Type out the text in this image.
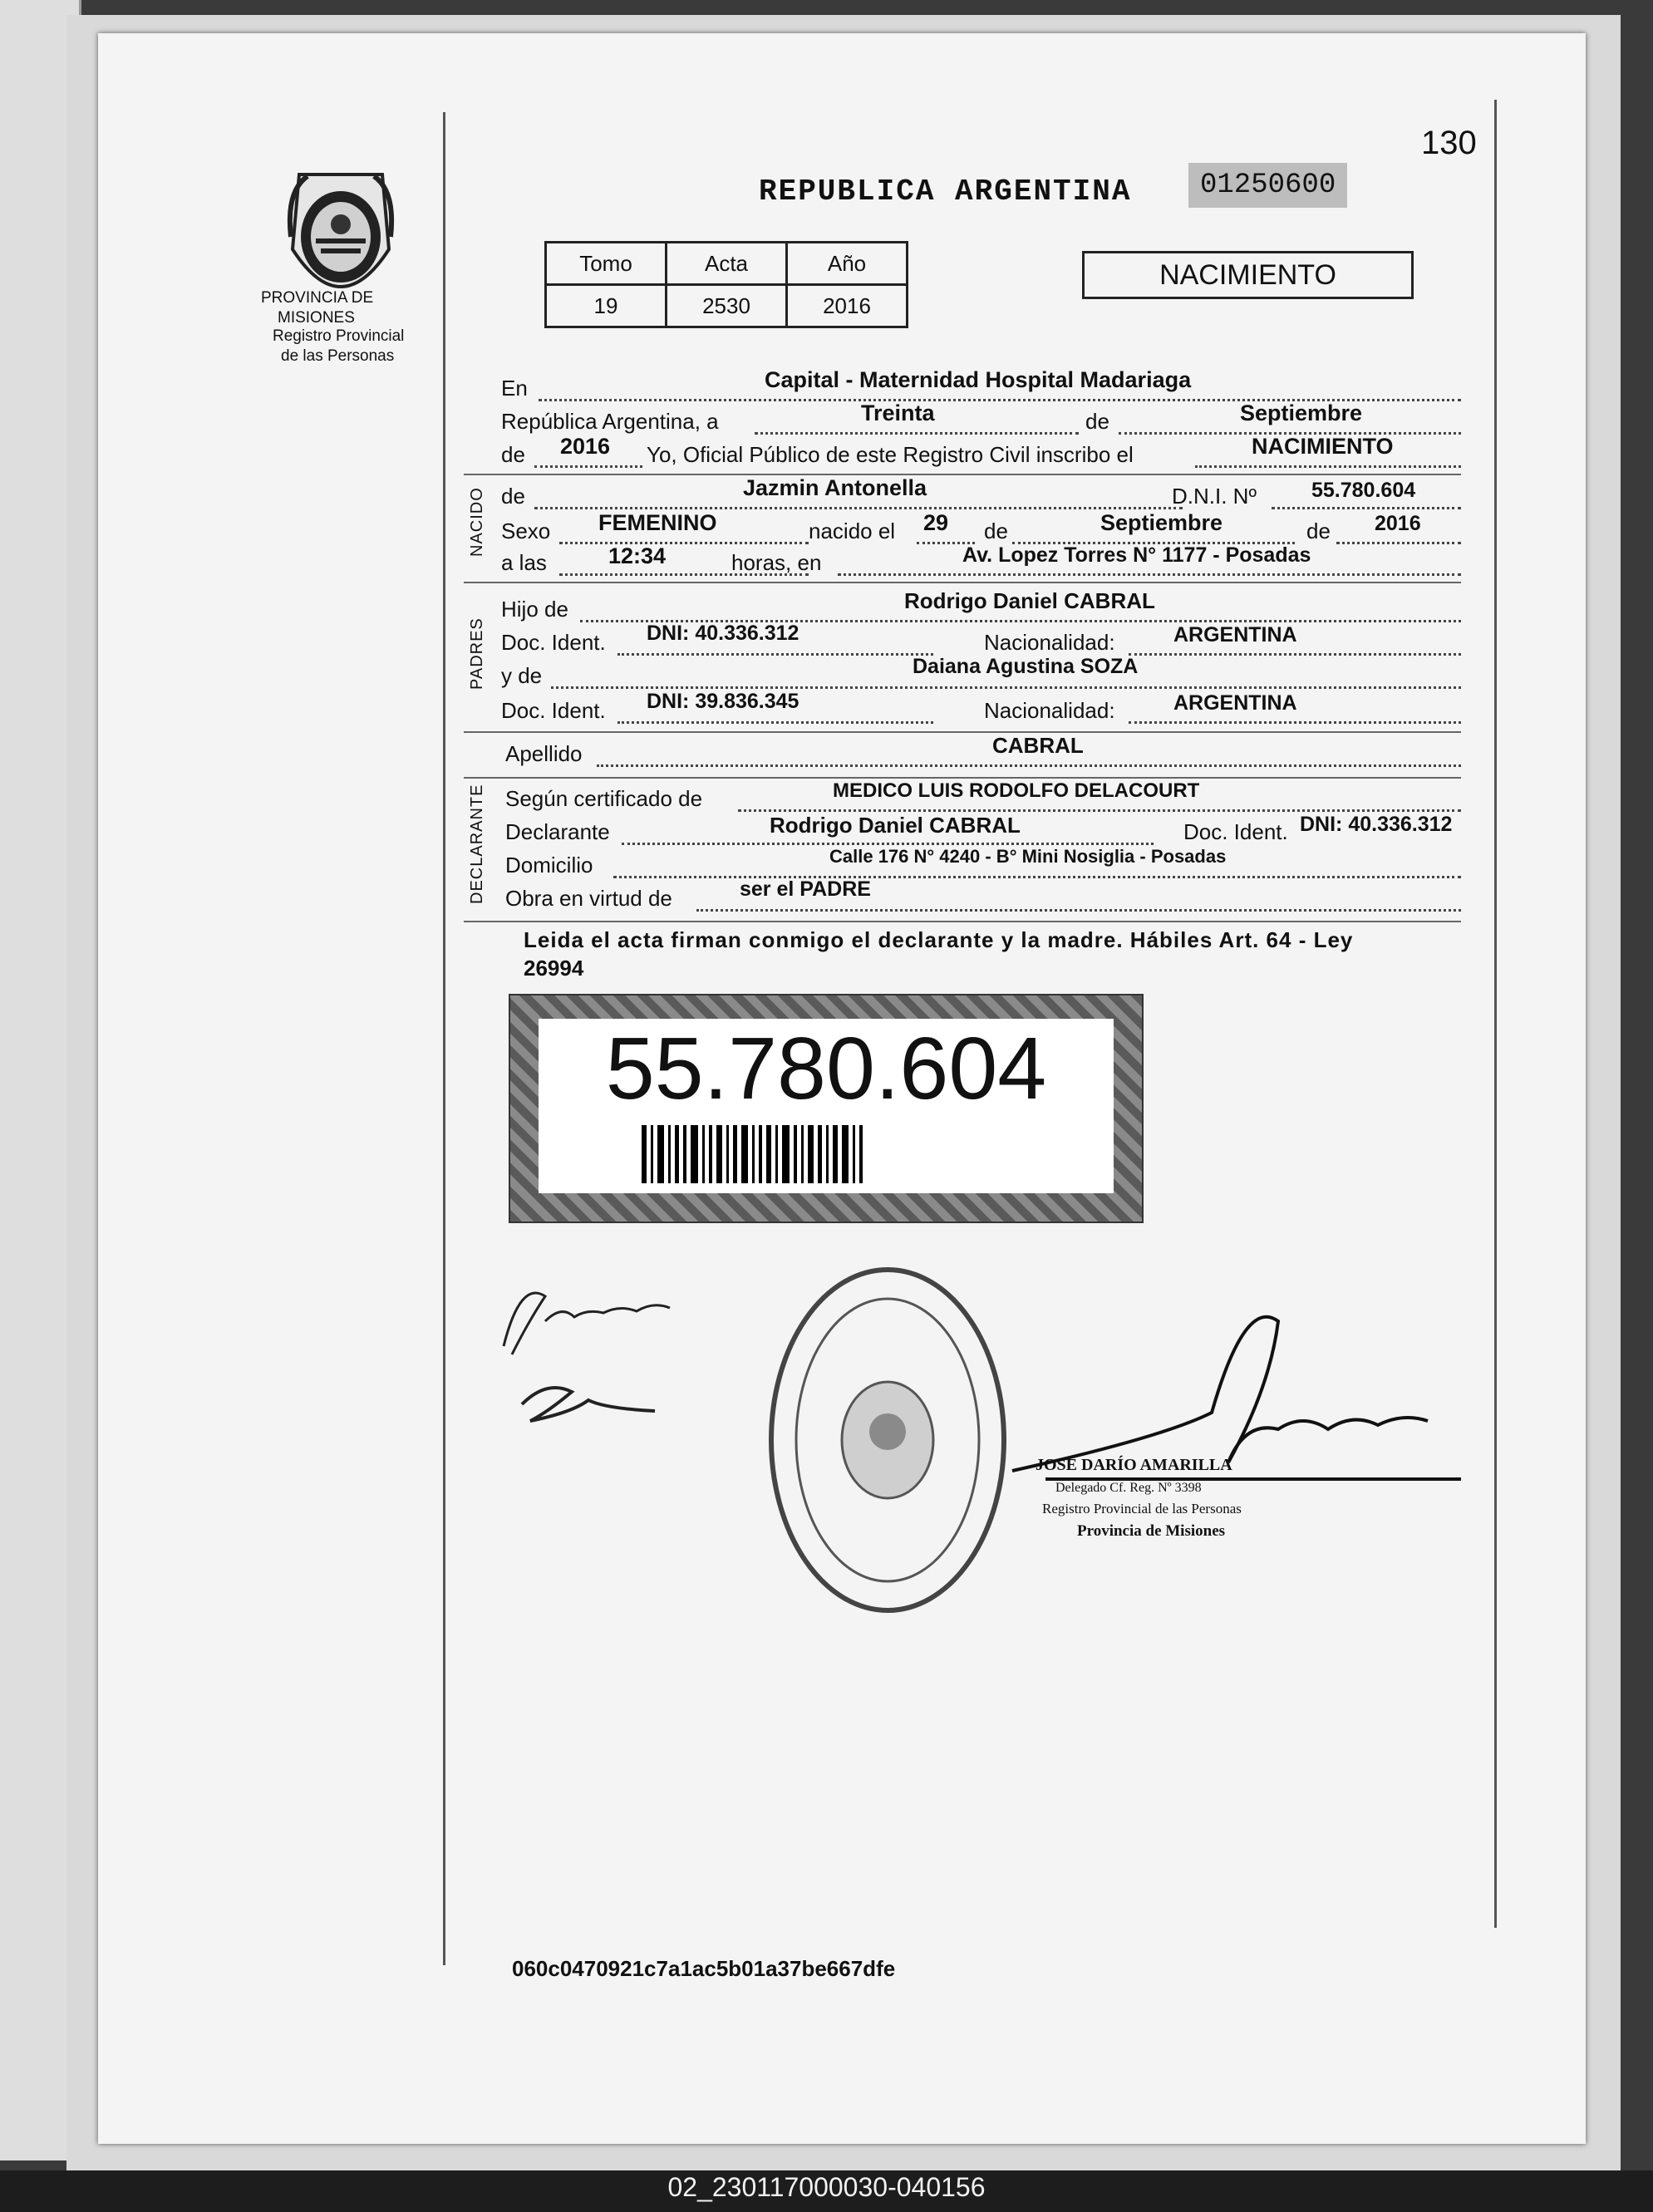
130
PROVINCIA DE
MISIONES
Registro Provincial
de las Personas
REPUBLICA ARGENTINA	01250600
Tomo	Acta	Año
19	2530	2016
NACIMIENTO
En	Capital - Maternidad Hospital Madariaga
República Argentina, a	Treinta	de	Septiembre
de 2016 Yo, Oficial Público de este Registro Civil inscribo el	NACIMIENTO
NACIDO de	Jazmin Antonella	D.N.I. Nº	55.780.604
Sexo FEMENINO	nacido el 29 de	Septiembre	de 2016
a las	12:34	horas, en	Av. Lopez Torres N° 1177 - Posadas
PADRES
Hijo de	Rodrigo Daniel CABRAL
Doc. Ident. DNI: 40.336.312	Nacionalidad:	ARGENTINA
y de	Daiana Agustina SOZA
Doc. Ident. DNI: 39.836.345	Nacionalidad:	ARGENTINA
Apellido	CABRAL
DECLARANTE Según certificado de	MEDICO LUIS RODOLFO DELACOURT
Declarante	Rodrigo Daniel CABRAL	Doc. Ident. DNI: 40.336.312
Domicilio	Calle 176 N° 4240 - B° Mini Nosiglia - Posadas
Obra en virtud de	ser el PADRE
Leida el acta firman conmigo el declarante y la madre. Hábiles Art. 64 - Ley
26994
55.780.604
JOSÉ DARÍO AMARILLA
Delegado Cf. Reg. Nº 3398
Registro Provincial de las Personas
Provincia de Misiones
060c0470921c7a1ac5b01a37be667dfe
02_230117000030-040156
